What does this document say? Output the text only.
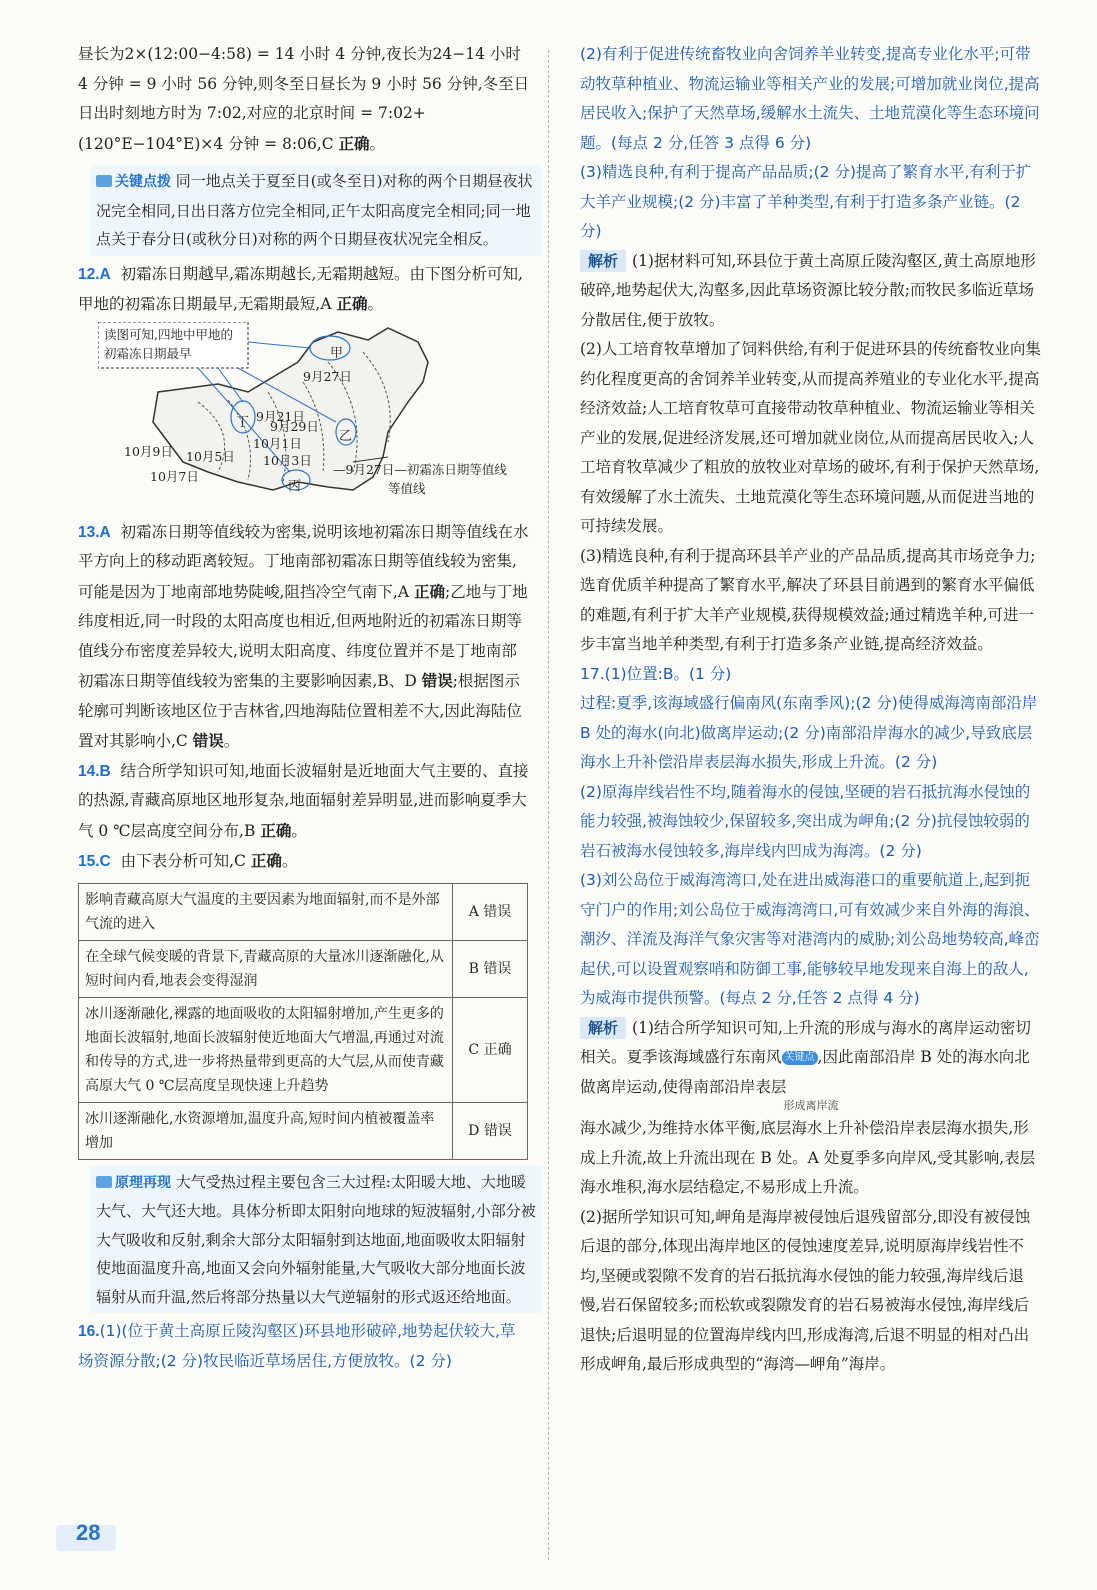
昼长为2×(12:00−4:58) = 14 小时 4 分钟,夜长为24−14 小时 4 分钟 = 9 小时 56 分钟,则冬至日昼长为 9 小时 56 分钟,冬至日日出时刻地方时为 7:02,对应的北京时间 = 7:02+(120°E−104°E)×4 分钟 = 8:06,C 正确。

关键点拨 同一地点关于夏至日(或冬至日)对称的两个日期昼夜状况完全相同,日出日落方位完全相同,正午太阳高度完全相同;同一地点关于春分日(或秋分日)对称的两个日期昼夜状况完全相反。

12.A 初霜冻日期越早,霜冻期越长,无霜期越短。由下图分析可知,甲地的初霜冻日期最早,无霜期最短,A 正确。

读图可知,四地中甲地的初霜冻日期最早	甲
乙
丙
丁
9月27日
9月29日
9月21日
10月1日
10月3日
10月5日
10月7日
10月9日
—9月27日—初霜冻日期等值线
等值线

13.A 初霜冻日期等值线较为密集,说明该地初霜冻日期等值线在水平方向上的移动距离较短。丁地南部初霜冻日期等值线较为密集,可能是因为丁地南部地势陡峻,阻挡冷空气南下,A 正确;乙地与丁地纬度相近,同一时段的太阳高度也相近,但两地附近的初霜冻日期等值线分布密度差异较大,说明太阳高度、纬度位置并不是丁地南部初霜冻日期等值线较为密集的主要影响因素,B、D 错误;根据图示轮廓可判断该地区位于吉林省,四地海陆位置相差不大,因此海陆位置对其影响小,C 错误。

14.B 结合所学知识可知,地面长波辐射是近地面大气主要的、直接的热源,青藏高原地区地形复杂,地面辐射差异明显,进而影响夏季大气 0 ℃层高度空间分布,B 正确。

15.C 由下表分析可知,C 正确。

影响青藏高原大气温度的主要因素为地面辐射,而不是外部气流的进入	A 错误
在全球气候变暖的背景下,青藏高原的大量冰川逐渐融化,从短时间内看,地表会变得湿润	B 错误
冰川逐渐融化,裸露的地面吸收的太阳辐射增加,产生更多的地面长波辐射,地面长波辐射使近地面大气增温,再通过对流和传导的方式,进一步将热量带到更高的大气层,从而使青藏高原大气 0 ℃层高度呈现快速上升趋势	C 正确
冰川逐渐融化,水资源增加,温度升高,短时间内植被覆盖率增加	D 错误
原理再现 大气受热过程主要包含三大过程:太阳暖大地、大地暖大气、大气还大地。具体分析即太阳射向地球的短波辐射,小部分被大气吸收和反射,剩余大部分太阳辐射到达地面,地面吸收太阳辐射使地面温度升高,地面又会向外辐射能量,大气吸收大部分地面长波辐射从而升温,然后将部分热量以大气逆辐射的形式返还给地面。

16.(1)(位于黄土高原丘陵沟壑区)环县地形破碎,地势起伏较大,草场资源分散;(2 分)牧民临近草场居住,方便放牧。(2 分)

(2)有利于促进传统畜牧业向舍饲养羊业转变,提高专业化水平;可带动牧草种植业、物流运输业等相关产业的发展;可增加就业岗位,提高居民收入;保护了天然草场,缓解水土流失、土地荒漠化等生态环境问题。(每点 2 分,任答 3 点得 6 分)

(3)精选良种,有利于提高产品品质;(2 分)提高了繁育水平,有利于扩大羊产业规模;(2 分)丰富了羊种类型,有利于打造多条产业链。(2 分)

解析 (1)据材料可知,环县位于黄土高原丘陵沟壑区,黄土高原地形破碎,地势起伏大,沟壑多,因此草场资源比较分散;而牧民多临近草场分散居住,便于放牧。

(2)人工培育牧草增加了饲料供给,有利于促进环县的传统畜牧业向集约化程度更高的舍饲养羊业转变,从而提高养殖业的专业化水平,提高经济效益;人工培育牧草可直接带动牧草种植业、物流运输业等相关产业的发展,促进经济发展,还可增加就业岗位,从而提高居民收入;人工培育牧草减少了粗放的放牧业对草场的破坏,有利于保护天然草场,有效缓解了水土流失、土地荒漠化等生态环境问题,从而促进当地的可持续发展。

(3)精选良种,有利于提高环县羊产业的产品品质,提高其市场竞争力;选育优质羊种提高了繁育水平,解决了环县目前遇到的繁育水平偏低的难题,有利于扩大羊产业规模,获得规模效益;通过精选羊种,可进一步丰富当地羊种类型,有利于打造多条产业链,提高经济效益。

17.(1)位置:B。(1 分)

过程:夏季,该海域盛行偏南风(东南季风);(2 分)使得威海湾南部沿岸 B 处的海水(向北)做离岸运动;(2 分)南部沿岸海水的减少,导致底层海水上升补偿沿岸表层海水损失,形成上升流。(2 分)

(2)原海岸线岩性不均,随着海水的侵蚀,坚硬的岩石抵抗海水侵蚀的能力较强,被海蚀较少,保留较多,突出成为岬角;(2 分)抗侵蚀较弱的岩石被海水侵蚀较多,海岸线内凹成为海湾。(2 分)

(3)刘公岛位于威海湾湾口,处在进出威海港口的重要航道上,起到扼守门户的作用;刘公岛位于威海湾湾口,可有效减少来自外海的海浪、潮汐、洋流及海洋气象灾害等对港湾内的威胁;刘公岛地势较高,峰峦起伏,可以设置观察哨和防御工事,能够较早地发现来自海上的敌人,为威海市提供预警。(每点 2 分,任答 2 点得 4 分)

解析 (1)结合所学知识可知,上升流的形成与海水的离岸运动密切相关。夏季该海域盛行东南风 关键点 ,因此南部沿岸 B 处的海水向北做离岸运动,使得南部沿岸表层

形成离岸流

海水减少,为维持水体平衡,底层海水上升补偿沿岸表层海水损失,形成上升流,故上升流出现在 B 处。A 处夏季多向岸风,受其影响,表层海水堆积,海水层结稳定,不易形成上升流。

(2)据所学知识可知,岬角是海岸被侵蚀后退残留部分,即没有被侵蚀后退的部分,体现出海岸地区的侵蚀速度差异,说明原海岸线岩性不均,坚硬或裂隙不发育的岩石抵抗海水侵蚀的能力较强,海岸线后退慢,岩石保留较多;而松软或裂隙发育的岩石易被海水侵蚀,海岸线后退快;后退明显的位置海岸线内凹,形成海湾,后退不明显的相对凸出形成岬角,最后形成典型的“海湾—岬角”海岸。

28
